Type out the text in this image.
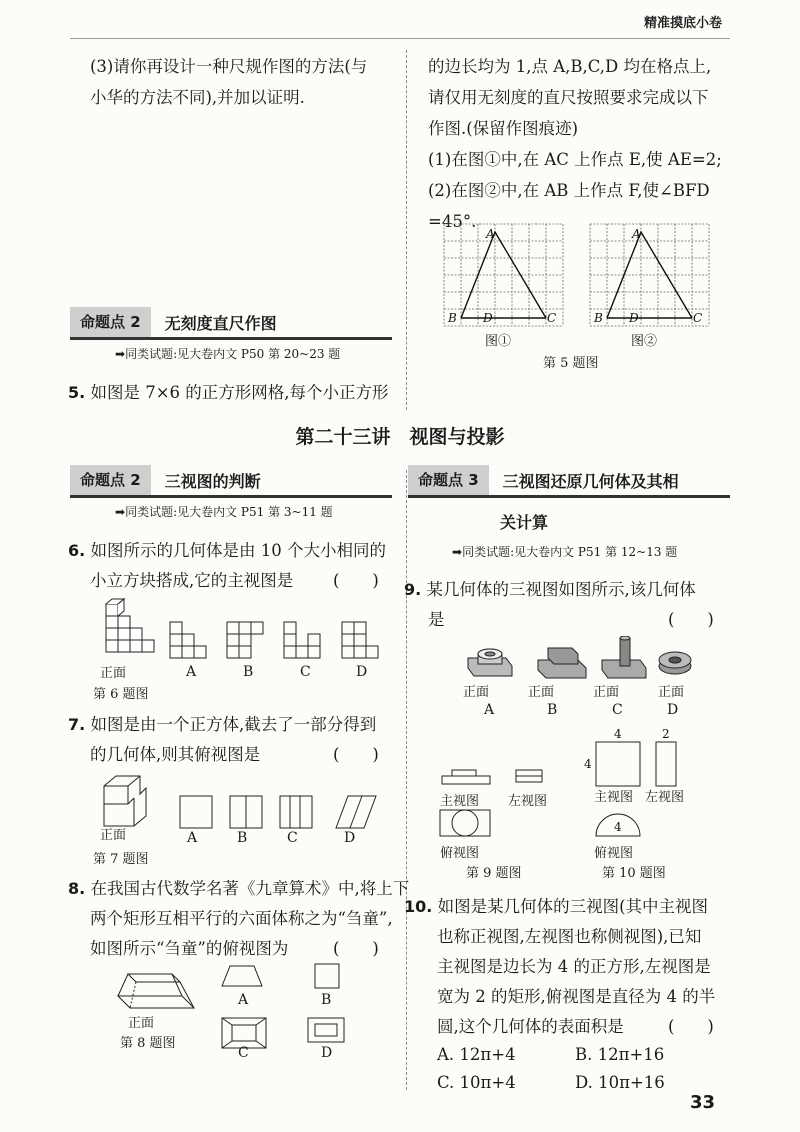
精准摸底小卷
(3)请你再设计一种尺规作图的方法(与
小华的方法不同),并加以证明.
命题点 2	无刻度直尺作图
➡同类试题:见大卷内文 P50 第 20~23 题
5. 如图是 7×6 的正方形网格,每个小正方形
的边长均为 1,点 A,B,C,D 均在格点上,
请仅用无刻度的直尺按照要求完成以下
作图.(保留作图痕迹)
(1)在图①中,在 AC 上作点 E,使 AE=2;
(2)在图②中,在 AB 上作点 F,使∠BFD
=45°.
A
B D	C
A
B D	C
图①	图②
第 5 题图
第二十三讲　视图与投影
命题点 2	三视图的判断
➡同类试题:见大卷内文 P51 第 3~11 题
6. 如图所示的几何体是由 10 个大小相同的
小立方块搭成,它的主视图是 (　　)
正面	A	B	C	D
第 6 题图
7. 如图是由一个正方体,截去了一部分得到
的几何体,则其俯视图是	(　　)
正面	A	B	C	D
第 7 题图
8. 在我国古代数学名著《九章算术》中,将上下
两个矩形互相平行的六面体称之为“刍童”,
如图所示“刍童”的俯视图为	(　　)
A	B
正面
第 8 题图
C	D
命题点 3	三视图还原几何体及其相
关计算
➡同类试题:见大卷内文 P51 第 12~13 题
9. 某几何体的三视图如图所示,该几何体
是	(　　)
正面	正面	正面	正面
A	B	C	D
主视图 左视图
俯视图
第 9 题图
4
4
2
4
主视图 左视图
俯视图
第 10 题图
10. 如图是某几何体的三视图(其中主视图
也称正视图,左视图也称侧视图),已知
主视图是边长为 4 的正方形,左视图是
宽为 2 的矩形,俯视图是直径为 4 的半
圆,这个几何体的表面积是	(　　)
A. 12π+4	B. 12π+16
C. 10π+4	D. 10π+16
33
